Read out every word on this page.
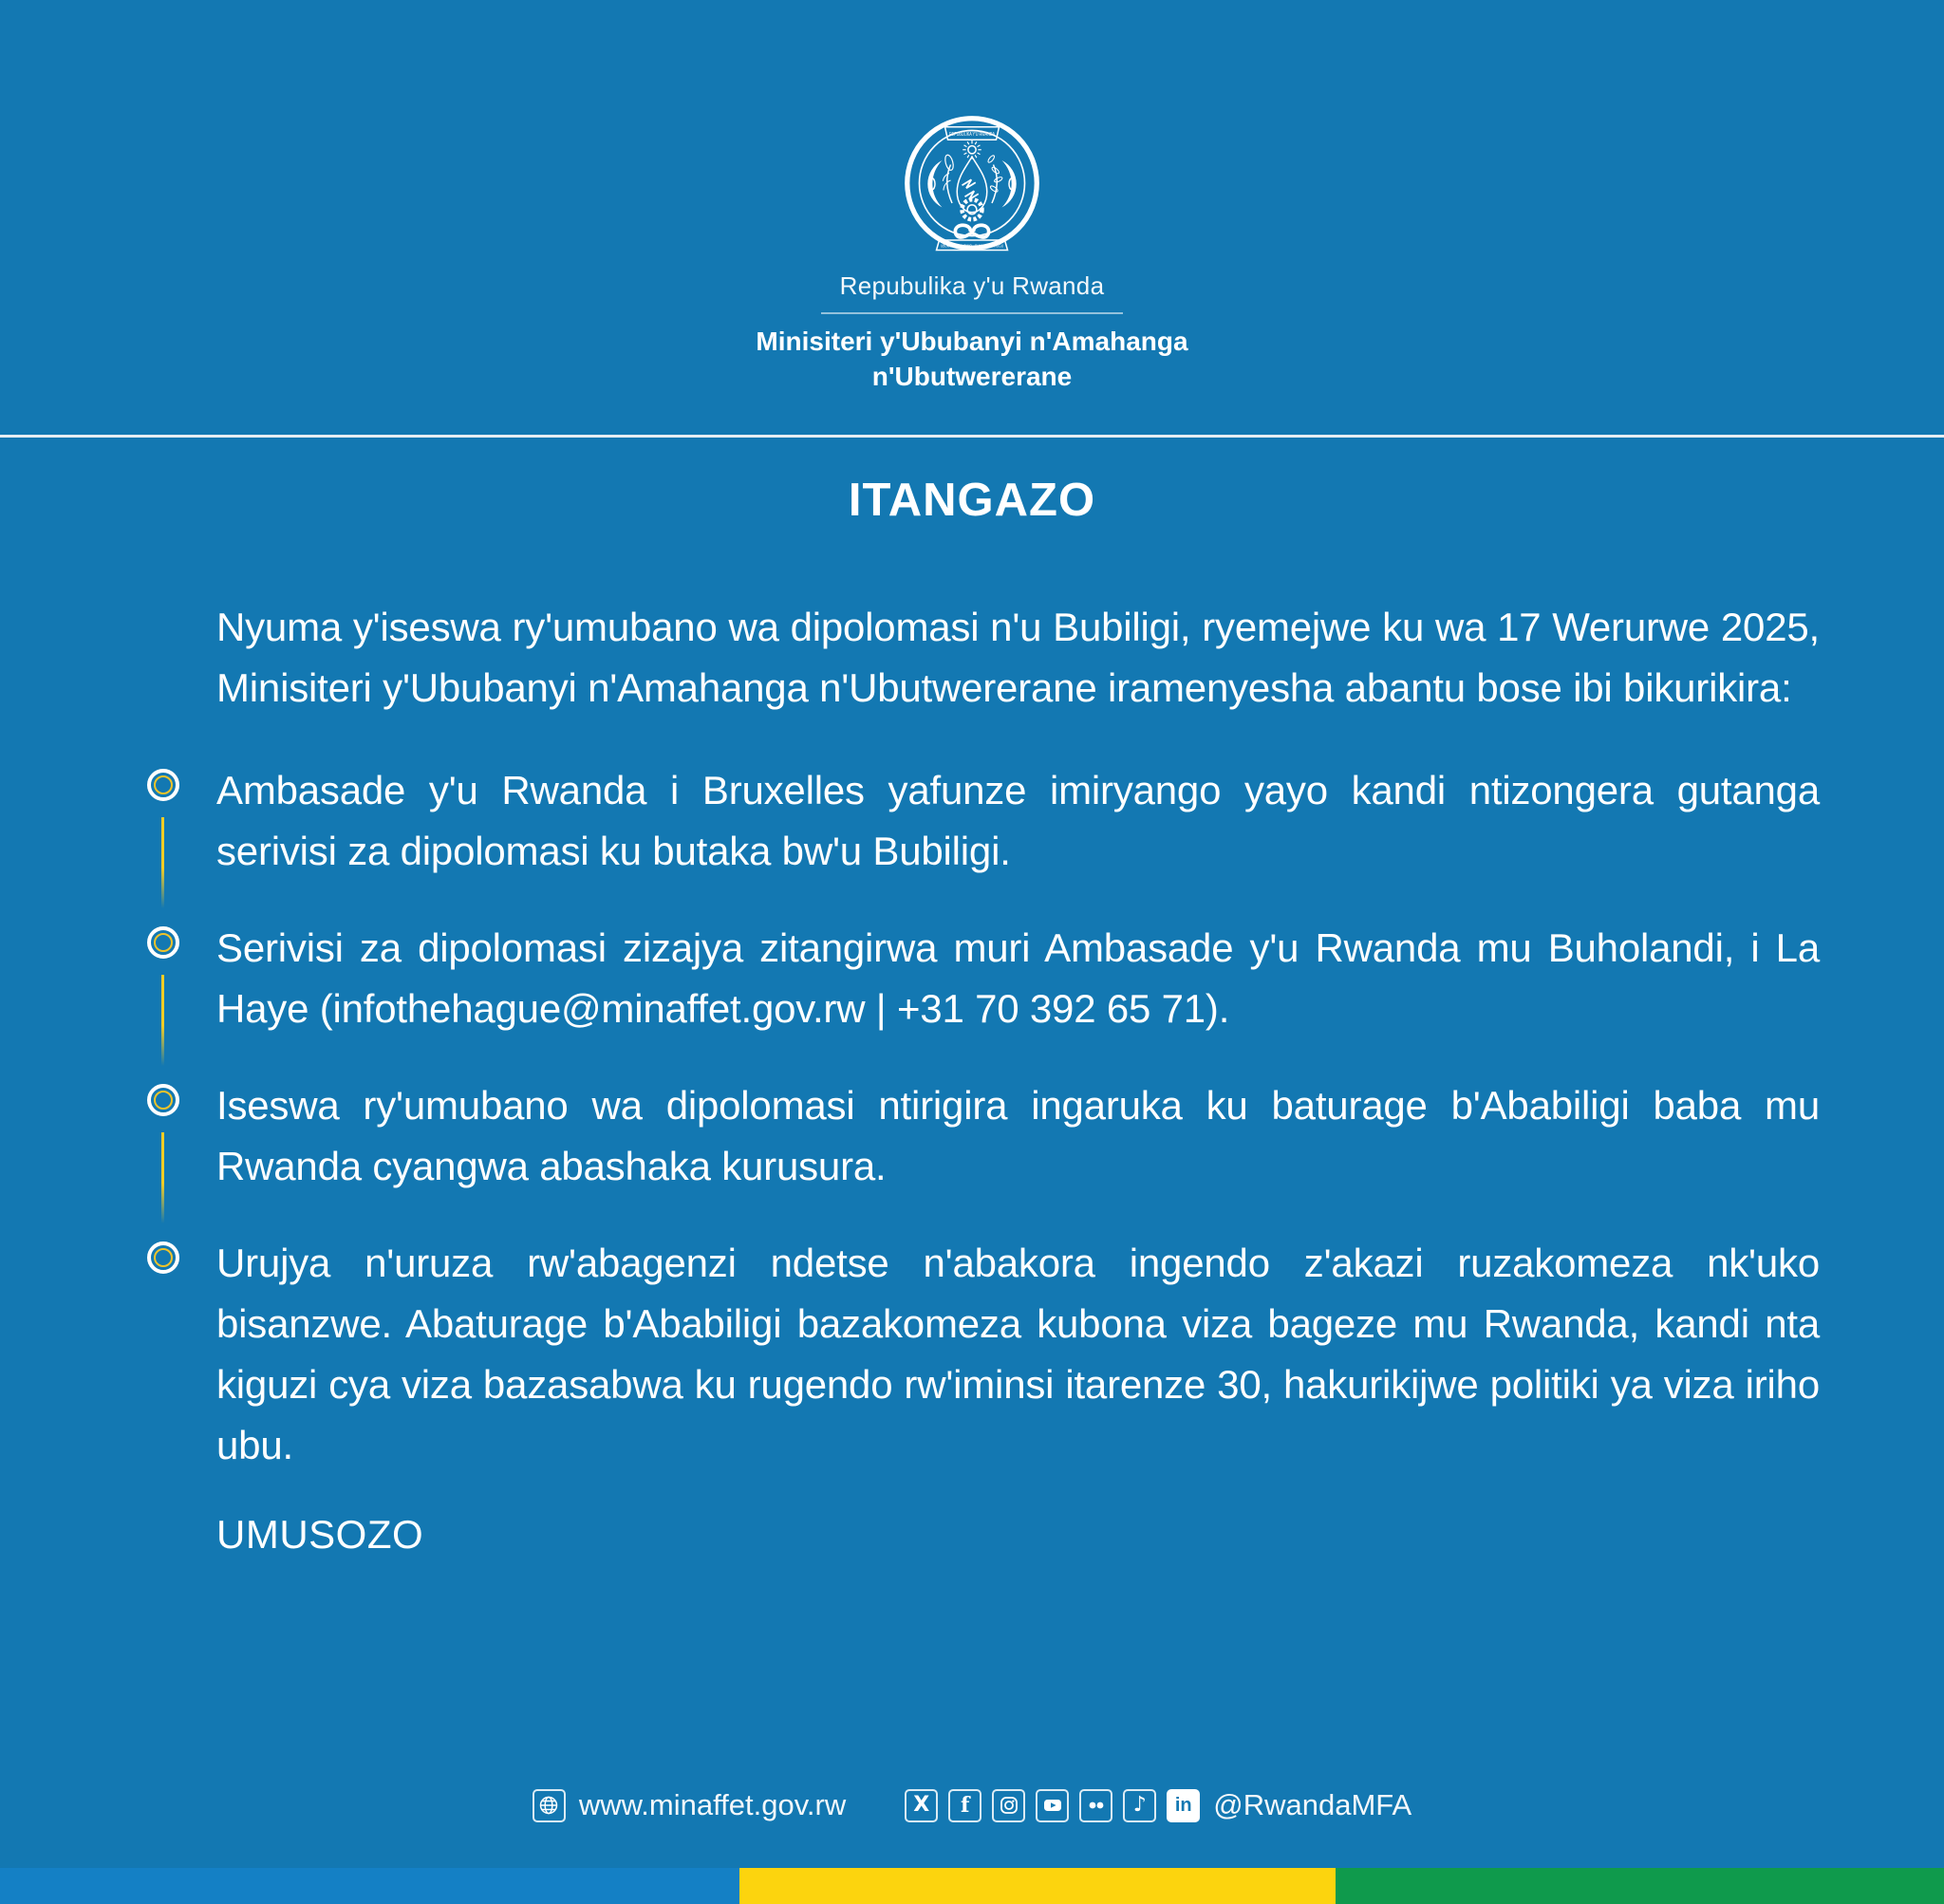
REPUBULIKA Y'U RWANDA
UBUMWE - UMURIMO - GUKUNDA IGIHUGU
Repubulika y'u Rwanda
Minisiteri y'Ububanyi n'Amahanga
n'Ubutwererane
ITANGAZO

Nyuma y'iseswa ry'umubano wa dipolomasi n'u Bubiligi, ryemejwe ku wa 17 Werurwe 2025, Minisiteri y'Ububanyi n'Amahanga n'Ubutwererane iramenyesha abantu bose ibi bikurikira:

Ambasade y'u Rwanda i Bruxelles yafunze imiryango yayo kandi ntizongera gutanga serivisi za dipolomasi ku butaka bw'u Bubiligi.

Serivisi za dipolomasi zizajya zitangirwa muri Ambasade y'u Rwanda mu Buholandi, i La Haye (infothehague@minaffet.gov.rw | +31 70 392 65 71).

Iseswa ry'umubano wa dipolomasi ntirigira ingaruka ku baturage b'Ababiligi baba mu Rwanda cyangwa abashaka kurusura.

Urujya n'uruza rw'abagenzi ndetse n'abakora ingendo z'akazi ruzakomeza nk'uko bisanzwe. Abaturage b'Ababiligi bazakomeza kubona viza bageze mu Rwanda, kandi nta kiguzi cya viza bazasabwa ku rugendo rw'iminsi itarenze 30, hakurikijwe politiki ya viza iriho ubu.

UMUSOZO
www.minaffet.gov.rw	X f	♪ in @RwandaMFA
